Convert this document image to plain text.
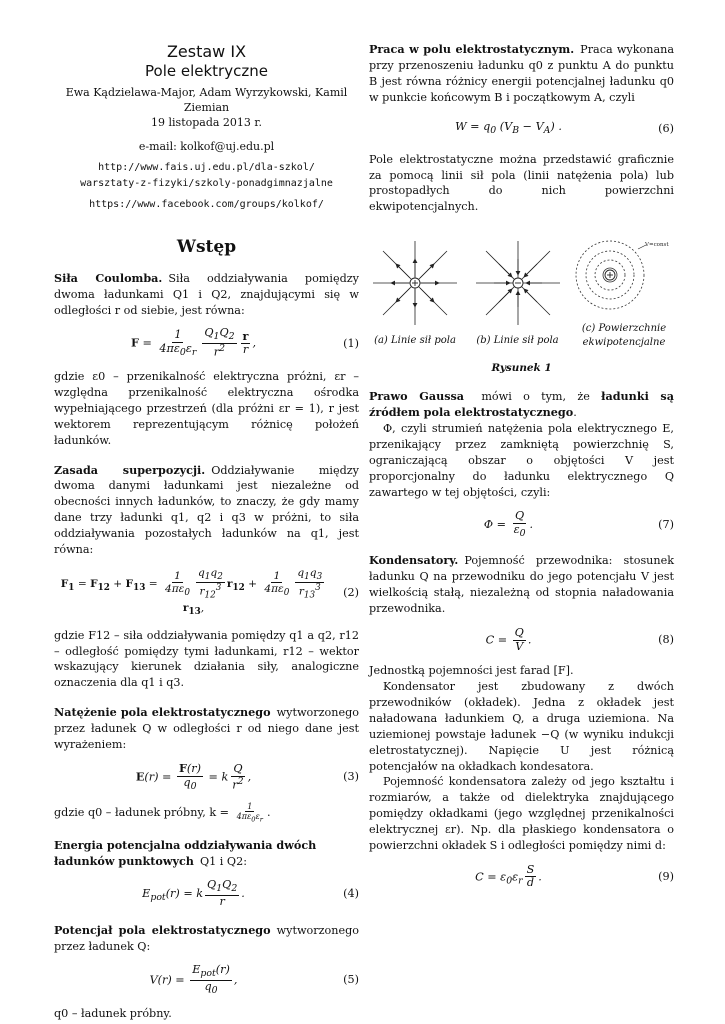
Zestaw IX
Pole elektryczne
Ewa Kądzielawa-Major, Adam Wyrzykowski, Kamil Ziemian
19 listopada 2013 r.
e-mail: kolkof@uj.edu.pl
http://www.fais.uj.edu.pl/dla-szkol/
warsztaty-z-fizyki/szkoly-ponadgimnazjalne
https://www.facebook.com/groups/kolkof/
Wstęp

Siła Coulomba. Siła oddziaływania pomiędzy dwoma ładunkami Q1 i Q2, znajdującymi się w odległości r od siebie, jest równa:

$F = \frac{1}{4\pi\varepsilon_0\varepsilon_r} \frac{Q_1Q_2}{r^2} \frac{r}{r}$ ,	(1)

gdzie ε0 – przenikalność elektryczna próżni, εr – względna przenikalność elektryczna ośrodka wypełniającego przestrzeń (dla próżni εr = 1), r jest wektorem reprezentującym różnicę położeń ładunków.

Zasada superpozycji. Oddziaływanie między dwoma danymi ładunkami jest niezależne od obecności innych ładunków, to znaczy, że gdy mamy dane trzy ładunki q1, q2 i q3 w próżni, to siła oddziaływania pozostałych ładunków na q1, jest równa:

$F_1 = F_{12} + F_{13} = \frac{1}{4\pi\varepsilon_0} \frac{q_1q_2}{r_{12}^3} r_{12} + \frac{1}{4\pi\varepsilon_0} \frac{q_1q_3}{r_{13}^3}$
$r_{13}$,
(2)

gdzie F12 – siła oddziaływania pomiędzy q1 a q2, r12 – odległość pomiędzy tymi ładunkami, r12 – wektor wskazujący kierunek działania siły, analogiczne oznaczenia dla q1 i q3.

Natężenie pola elektrostatycznego wytworzonego przez ładunek Q w odległości r od niego dane jest wyrażeniem:

$E(r) = \frac{F(r)}{q_0} = k \frac{Q}{r^2}$ ,	(3)

gdzie q0 – ładunek próbny, $k = \frac{1}{4\pi\varepsilon_0\varepsilon_r}$ .

Energia potencjalna oddziaływania dwóch ładunków punktowych Q1 i Q2:

$E_{pot}(r) = k \frac{Q_1Q_2}{r}$ .	(4)

Potencjał pola elektrostatycznego wytworzonego przez ładunek Q:

$V(r) = \frac{E_{pot}(r)}{q_0}$ ,	(5)

q0 – ładunek próbny.

Praca w polu elektrostatycznym. Praca wykonana przy przenoszeniu ładunku q0 z punktu A do punktu B jest równa różnicy energii potencjalnej ładunku q0 w punkcie końcowym B i początkowym A, czyli

$W = q_0$ $(V_B - V_A)$ .	(6)

Pole elektrostatyczne można przedstawić graficznie za pomocą linii sił pola (linii natężenia pola) lub prostopadłych do nich powierzchni ekwipotencjalnych.

(a) Linie sił pola	(b) Linie sił pola
V=const
(c) Powierzchnie ekwipotencjalne
Rysunek 1

Prawo Gaussa mówi o tym, że ładunki są źródłem pola elektrostatycznego.

Φ, czyli strumień natężenia pola elektrycznego E, przenikający przez zamkniętą powierzchnię S, ograniczającą obszar o objętości V jest proporcjonalny do ładunku elektrycznego Q zawartego w tej objętości, czyli:

$\Phi = \frac{Q}{\varepsilon_0}$ .	(7)

Kondensatory. Pojemność przewodnika: stosunek ładunku Q na przewodniku do jego potencjału V jest wielkością stałą, niezależną od stopnia naładowania przewodnika.

$C = \frac{Q}{V}$ .	(8)

Jednostką pojemności jest farad [F].

Kondensator jest zbudowany z dwóch przewodników (okładek). Jedna z okładek jest naładowana ładunkiem Q, a druga uziemiona. Na uziemionej powstaje ładunek −Q (w wyniku indukcji eletrostatycznej). Napięcie U jest różnicą potencjałów na okładkach kondesatora.

Pojemność kondensatora zależy od jego kształtu i rozmiarów, a także od dielektryka znajdującego pomiędzy okładkami (jego względnej przenikalności elektrycznej εr). Np. dla płaskiego kondensatora o powierzchni okładek S i odległości pomiędzy nimi d:

$C = \varepsilon_0\varepsilon_r \frac{S}{d}$ .	(9)
